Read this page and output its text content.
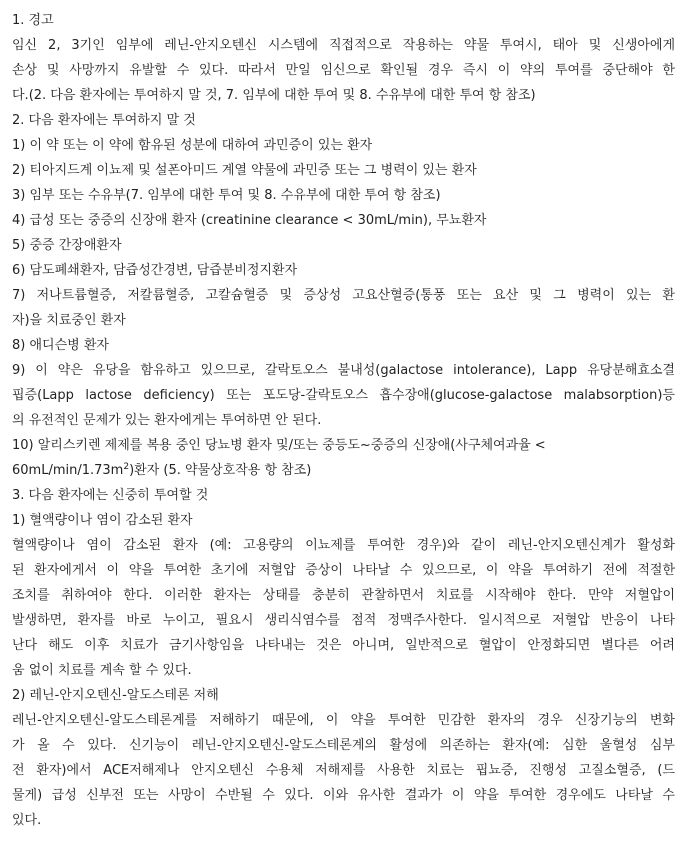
1. 경고
임신 2, 3기인 임부에 레닌-안지오텐신 시스템에 직접적으로 작용하는 약물 투여시, 태아 및 신생아에게
손상 및 사망까지 유발할 수 있다. 따라서 만일 임신으로 확인될 경우 즉시 이 약의 투여를 중단해야 한
다.(2. 다음 환자에는 투여하지 말 것, 7. 임부에 대한 투여 및 8. 수유부에 대한 투여 항 참조)
2. 다음 환자에는 투여하지 말 것
1) 이 약 또는 이 약에 함유된 성분에 대하여 과민증이 있는 환자
2) 티아지드계 이뇨제 및 설폰아미드 계열 약물에 과민증 또는 그 병력이 있는 환자
3) 임부 또는 수유부(7. 임부에 대한 투여 및 8. 수유부에 대한 투여 항 참조)
4) 급성 또는 중증의 신장애 환자 (creatinine clearance < 30mL/min), 무뇨환자
5) 중증 간장애환자
6) 담도폐쇄환자, 담즙성간경변, 담즙분비정지환자
7) 저나트륨혈증, 저칼륨혈증, 고칼슘혈증 및 증상성 고요산혈증(통풍 또는 요산 및 그 병력이 있는 환
자)을 치료중인 환자
8) 애디슨병 환자
9) 이 약은 유당을 함유하고 있으므로, 갈락토오스 불내성(galactose intolerance), Lapp 유당분해효소결
핍증(Lapp lactose deficiency) 또는 포도당-갈락토오스 흡수장애(glucose-galactose malabsorption)등
의 유전적인 문제가 있는 환자에게는 투여하면 안 된다.
10) 알리스키렌 제제를 복용 중인 당뇨병 환자 및/또는 중등도~중증의 신장애(사구체여과율 <
$60mL/\min/1.73m^2$)환자 (5. 약물상호작용 항 참조)
3. 다음 환자에는 신중히 투여할 것
1) 혈액량이나 염이 감소된 환자
혈액량이나 염이 감소된 환자 (예: 고용량의 이뇨제를 투여한 경우)와 같이 레닌-안지오텐신계가 활성화
된 환자에게서 이 약을 투여한 초기에 저혈압 증상이 나타날 수 있으므로, 이 약을 투여하기 전에 적절한
조치를 취하여야 한다. 이러한 환자는 상태를 충분히 관찰하면서 치료를 시작해야 한다. 만약 저혈압이
발생하면, 환자를 바로 누이고, 필요시 생리식염수를 점적 정맥주사한다. 일시적으로 저혈압 반응이 나타
난다 해도 이후 치료가 금기사항임을 나타내는 것은 아니며, 일반적으로 혈압이 안정화되면 별다른 어려
움 없이 치료를 계속 할 수 있다.
2) 레닌-안지오텐신-알도스테론 저해
레닌-안지오텐신-알도스테론계를 저해하기 때문에, 이 약을 투여한 민감한 환자의 경우 신장기능의 변화
가 올 수 있다. 신기능이 레닌-안지오텐신-알도스테론계의 활성에 의존하는 환자(예: 심한 울혈성 심부
전 환자)에서 ACE저해제나 안지오텐신 수용체 저해제를 사용한 치료는 핍뇨증, 진행성 고질소혈증, (드
물게) 급성 신부전 또는 사망이 수반될 수 있다. 이와 유사한 결과가 이 약을 투여한 경우에도 나타날 수
있다.
